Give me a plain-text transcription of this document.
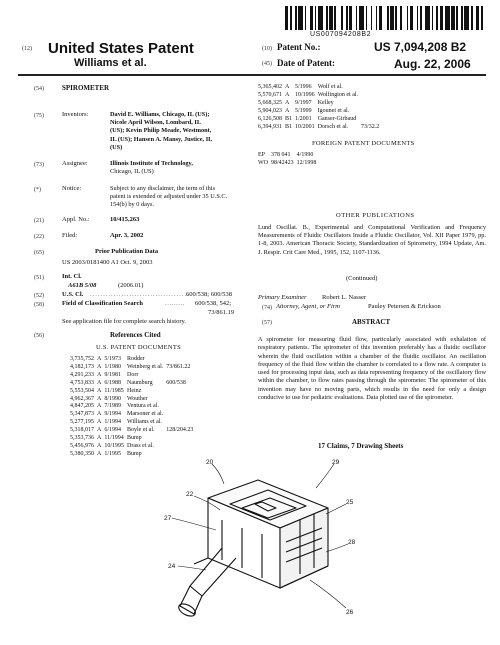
US007094208B2
(12) United States Patent
Williams et al.
(10) Patent No.:	US 7,094,208 B2
(45) Date of Patent:	Aug. 22, 2006
(54)	SPIROMETER
(75)	Inventors:	David E. Williams, Chicago, IL (US);
Nicole April Wilson, Lombard, IL
(US); Kevin Philip Meade, Westmont,
IL (US); Hansen A. Mansy, Justice, IL
(US)
(73)	Assignee:	Illinois Institute of Technology,
Chicago, IL (US)
(*)	Notice:	Subject to any disclaimer, the term of this patent is extended or adjusted under 35 U.S.C. 154(b) by 0 days.
(21)	Appl. No.:	10/415,263
(22)	Filed:	Apr. 3, 2002
(65)	Prior Publication Data
US 2003/0181400 A1 Oct. 9, 2003
(51)	Int. Cl.
A61B 5/08	(2006.01)
(52)	U.S. Cl. ......................................
600/538; 600/538
(58)	Field of Classification Search	......... 600/538, 542;
73/861.19
See application file for complete search history.
(56)	References Cited
U.S. PATENT DOCUMENTS
3,735,752	A	5/1973	Rodder	
4,182,173	A	1/1980	Weinberg et al.	73/861.22
4,291,233	A	9/1981	Dorr	
4,753,833	A	6/1988	Naumburg	600/538
5,553,504	A	11/1985	Heinz	
4,962,367	A	8/1990	Wouther	
4,847,205	A	7/1989	Ventura et al.	
5,347,873	A	9/1994	Marsoner et al.	
5,277,195	A	1/1994	Williams et al.	
5,318,017	A	6/1994	Boyle et al.	128/204.23
5,353,736	A	11/1994	Bump	
5,456,976	A	10/1995	Drass et al.	
5,380,350	A	1/1995	Bump	
5,365,402	A	5/1996	Wolf et al.	
5,570,671	A	10/1996	Wolfington et al.	
5,668,325	A	9/1997	Kelley	
5,904,023	A	5/1999	Igounet et al.	
6,126,508	B1	1/2001	Ganser-Girbaud	
6,394,931	B1	10/2001	Dorsch et al.	73/32.2
FOREIGN PATENT DOCUMENTS
EP	378 041	4/1990
WO	98/42423	12/1998
OTHER PUBLICATIONS
Lund Oscillat. B., Experimental and Computational Verification and Frequency Measurements of Fluidic Oscillators Inside a Fluidic Oscillator, Vol. XII Paper 1979, pp. 1-8, 2003. American Thoracic Society, Standardization of Spirometry, 1994 Update, Am. J. Respir. Crit Care Med., 1995, 152, 1107-1136.
(Continued)
Primary Examiner Robert L. Nasser
(74) Attorney, Agent, or Firm	Pauley Petersen & Erickson
(57)	ABSTRACT
A spirometer for measuring fluid flow, particularly associated with exhalation of respiratory patients. The spirometer of this invention preferably has a fluidic oscillator wherein the fluid oscillation within a chamber of the fluidic oscillator. An oscillation frequency of the fluid flow within the chamber is correlated to a flow rate. A computer is used for processing input data, such as data representing frequency of the oscillatory flow within the chamber, to flow rates passing through the spirometer. The spirometer of this invention may have no moving parts, which results in the need for only a design conducive to use for pediatric evaluations. Data plotted use of the spirometer.
17 Claims, 7 Drawing Sheets
20
22
27
24
29
25
28
26
